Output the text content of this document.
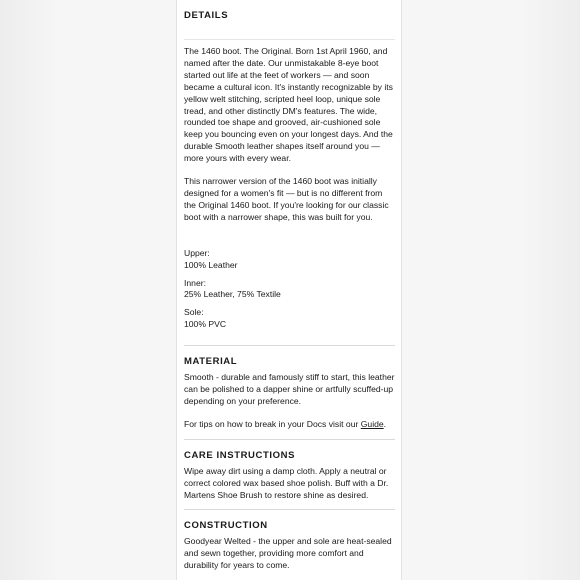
DETAILS

The 1460 boot. The Original. Born 1st April 1960, and named after the date. Our unmistakable 8-eye boot started out life at the feet of workers — and soon became a cultural icon. It's instantly recognizable by its yellow welt stitching, scripted heel loop, unique sole tread, and other distinctly DM's features. The wide, rounded toe shape and grooved, air-cushioned sole keep you bouncing even on your longest days. And the durable Smooth leather shapes itself around you — more yours with every wear.

This narrower version of the 1460 boot was initially designed for a women's fit — but is no different from the Original 1460 boot. If you're looking for our classic boot with a narrower shape, this was built for you.

Upper:

100% Leather

Inner:

25% Leather, 75% Textile

Sole:

100% PVC

MATERIAL

Smooth - durable and famously stiff to start, this leather can be polished to a dapper shine or artfully scuffed-up depending on your preference.

For tips on how to break in your Docs visit our Guide.

CARE INSTRUCTIONS

Wipe away dirt using a damp cloth. Apply a neutral or correct colored wax based shoe polish. Buff with a Dr. Martens Shoe Brush to restore shine as desired.

CONSTRUCTION

Goodyear Welted - the upper and sole are heat-sealed and sewn together, providing more comfort and durability for years to come.
